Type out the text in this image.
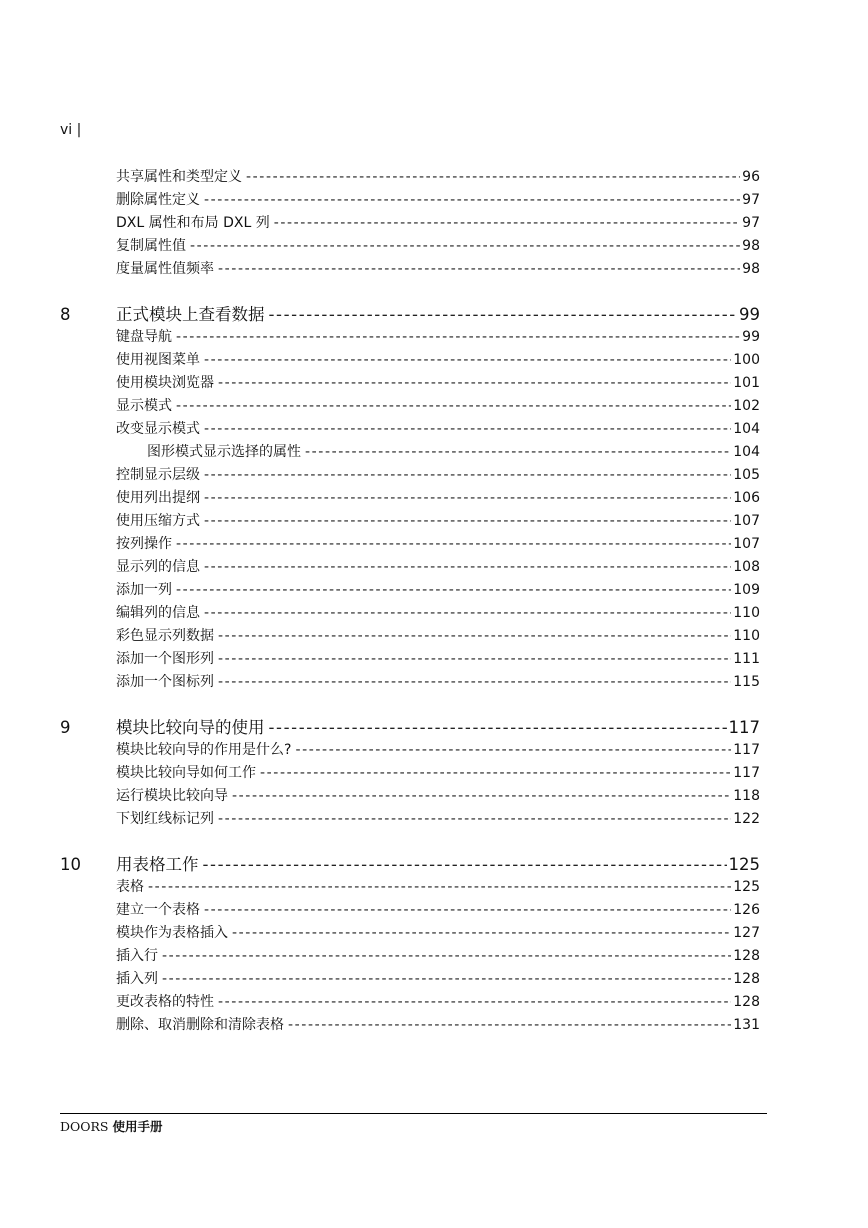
vi |
共享属性和类型定义 -----	96
删除属性定义 -----	97
DXL 属性和布局 DXL 列 -----	97
复制属性值 -----	98
度量属性值频率 -----	98
8	正式模块上查看数据 -----	99
键盘导航 -----	99
使用视图菜单 -----	100
使用模块浏览器 -----	101
显示模式 -----	102
改变显示模式 -----	104
图形模式显示选择的属性 -----	104
控制显示层级 -----	105
使用列出提纲 -----	106
使用压缩方式 -----	107
按列操作 -----	107
显示列的信息 -----	108
添加一列 -----	109
编辑列的信息 -----	110
彩色显示列数据 -----	110
添加一个图形列 -----	111
添加一个图标列 -----	115
9	模块比较向导的使用 -----	117
模块比较向导的作用是什么? -----	117
模块比较向导如何工作 -----	117
运行模块比较向导 -----	118
下划红线标记列 -----	122
10	用表格工作 -----	125
表格 -----	125
建立一个表格 -----	126
模块作为表格插入 -----	127
插入行 -----	128
插入列 -----	128
更改表格的特性 -----	128
删除、取消删除和清除表格 -----	131
DOORS 使用手册
